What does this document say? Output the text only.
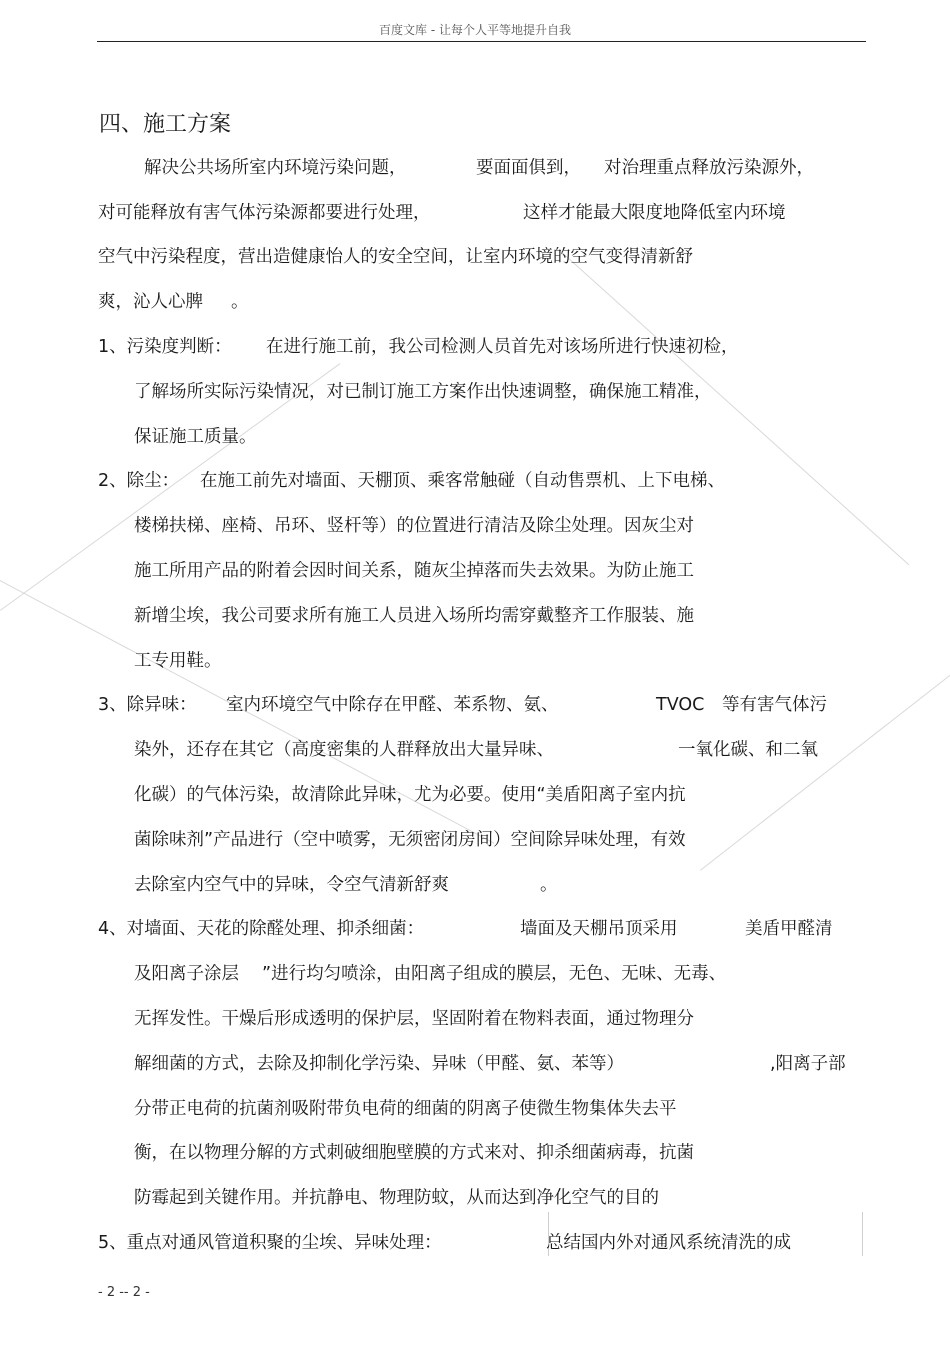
百度文库 - 让每个人平等地提升自我
四、施工方案
解决公共场所室内环境污染问题，	要面面俱到， 对治理重点释放污染源外，
对可能释放有害气体污染源都要进行处理，	这样才能最大限度地降低室内环境
空气中污染程度，营出造健康怡人的安全空间，让室内环境的空气变得清新舒
爽，沁人心脾 。
1、污染度判断： 在进行施工前，我公司检测人员首先对该场所进行快速初检，
了解场所实际污染情况，对已制订施工方案作出快速调整，确保施工精准，
保证施工质量。
2、除尘： 在施工前先对墙面、天棚顶、乘客常触碰（自动售票机、上下电梯、
楼梯扶梯、座椅、吊环、竖杆等）的位置进行清洁及除尘处理。因灰尘对
施工所用产品的附着会因时间关系，随灰尘掉落而失去效果。为防止施工
新增尘埃，我公司要求所有施工人员进入场所均需穿戴整齐工作服装、施
工专用鞋。
3、除异味： 室内环境空气中除存在甲醛、苯系物、氨、	TVOC 等有害气体污
染外，还存在其它（高度密集的人群释放出大量异味、	一氧化碳、和二氧
化碳）的气体污染，故清除此异味，尤为必要。使用“美盾阳离子室内抗
菌除味剂”产品进行（空中喷雾，无须密闭房间）空间除异味处理，有效
去除室内空气中的异味，令空气清新舒爽	。
4、对墙面、天花的除醛处理、抑杀细菌：	墙面及天棚吊顶采用	美盾甲醛清
及阳离子涂层 ”进行均匀喷涂，由阳离子组成的膜层，无色、无味、无毒、
无挥发性。干燥后形成透明的保护层，坚固附着在物料表面，通过物理分
解细菌的方式，去除及抑制化学污染、异味（甲醛、氨、苯等）	,阳离子部
分带正电荷的抗菌剂吸附带负电荷的细菌的阴离子使微生物集体失去平
衡，在以物理分解的方式刺破细胞壁膜的方式来对、抑杀细菌病毒，抗菌
防霉起到关键作用。并抗静电、物理防蚊，从而达到净化空气的目的
5、重点对通风管道积聚的尘埃、异味处理：	总结国内外对通风系统清洗的成
- 2 -- 2 -
